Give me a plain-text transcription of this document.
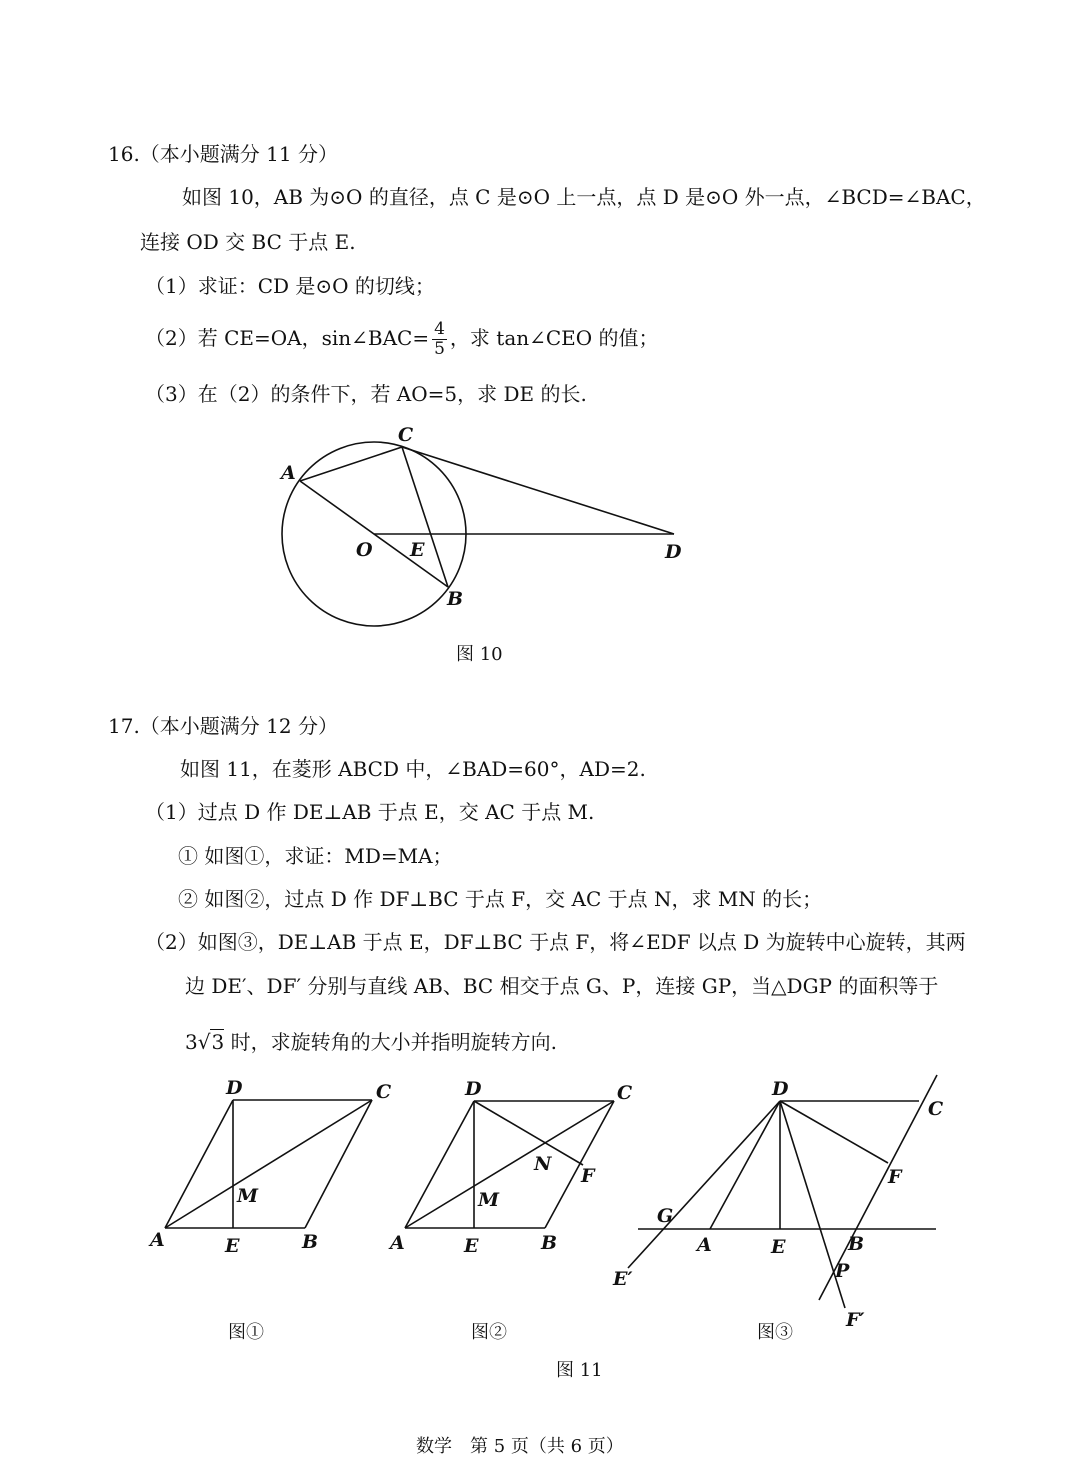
16.（本小题满分 11 分）
如图 10，AB 为⊙O 的直径，点 C 是⊙O 上一点，点 D 是⊙O 外一点，∠BCD=∠BAC，
连接 OD 交 BC 于点 E.
（1）求证：CD 是⊙O 的切线；
（2）若 CE=OA，sin∠BAC= $\frac{4}{5}$ ，求 tan∠CEO 的值；
（3）在（2）的条件下，若 AO=5，求 DE 的长.
A
C
O E
B
D
图 10
17.（本小题满分 12 分）
如图 11，在菱形 ABCD 中，∠BAD=60°，AD=2.
（1）过点 D 作 DE⊥AB 于点 E，交 AC 于点 M.
① 如图①，求证：MD=MA；
② 如图②，过点 D 作 DF⊥BC 于点 F，交 AC 于点 N，求 MN 的长；
（2）如图③，DE⊥AB 于点 E，DF⊥BC 于点 F，将∠EDF 以点 D 为旋转中心旋转，其两
边 DE′、DF′ 分别与直线 AB、BC 相交于点 G、P，连接 GP，当△DGP 的面积等于
3√3 时，求旋转角的大小并指明旋转方向.
D	C
M
A	E	B
D	C
N
F
M
A	E	B
D
C
F
G
A	E	B
P
E′
F′
图①	图②	图③
图 11
数学　第 5 页（共 6 页）
